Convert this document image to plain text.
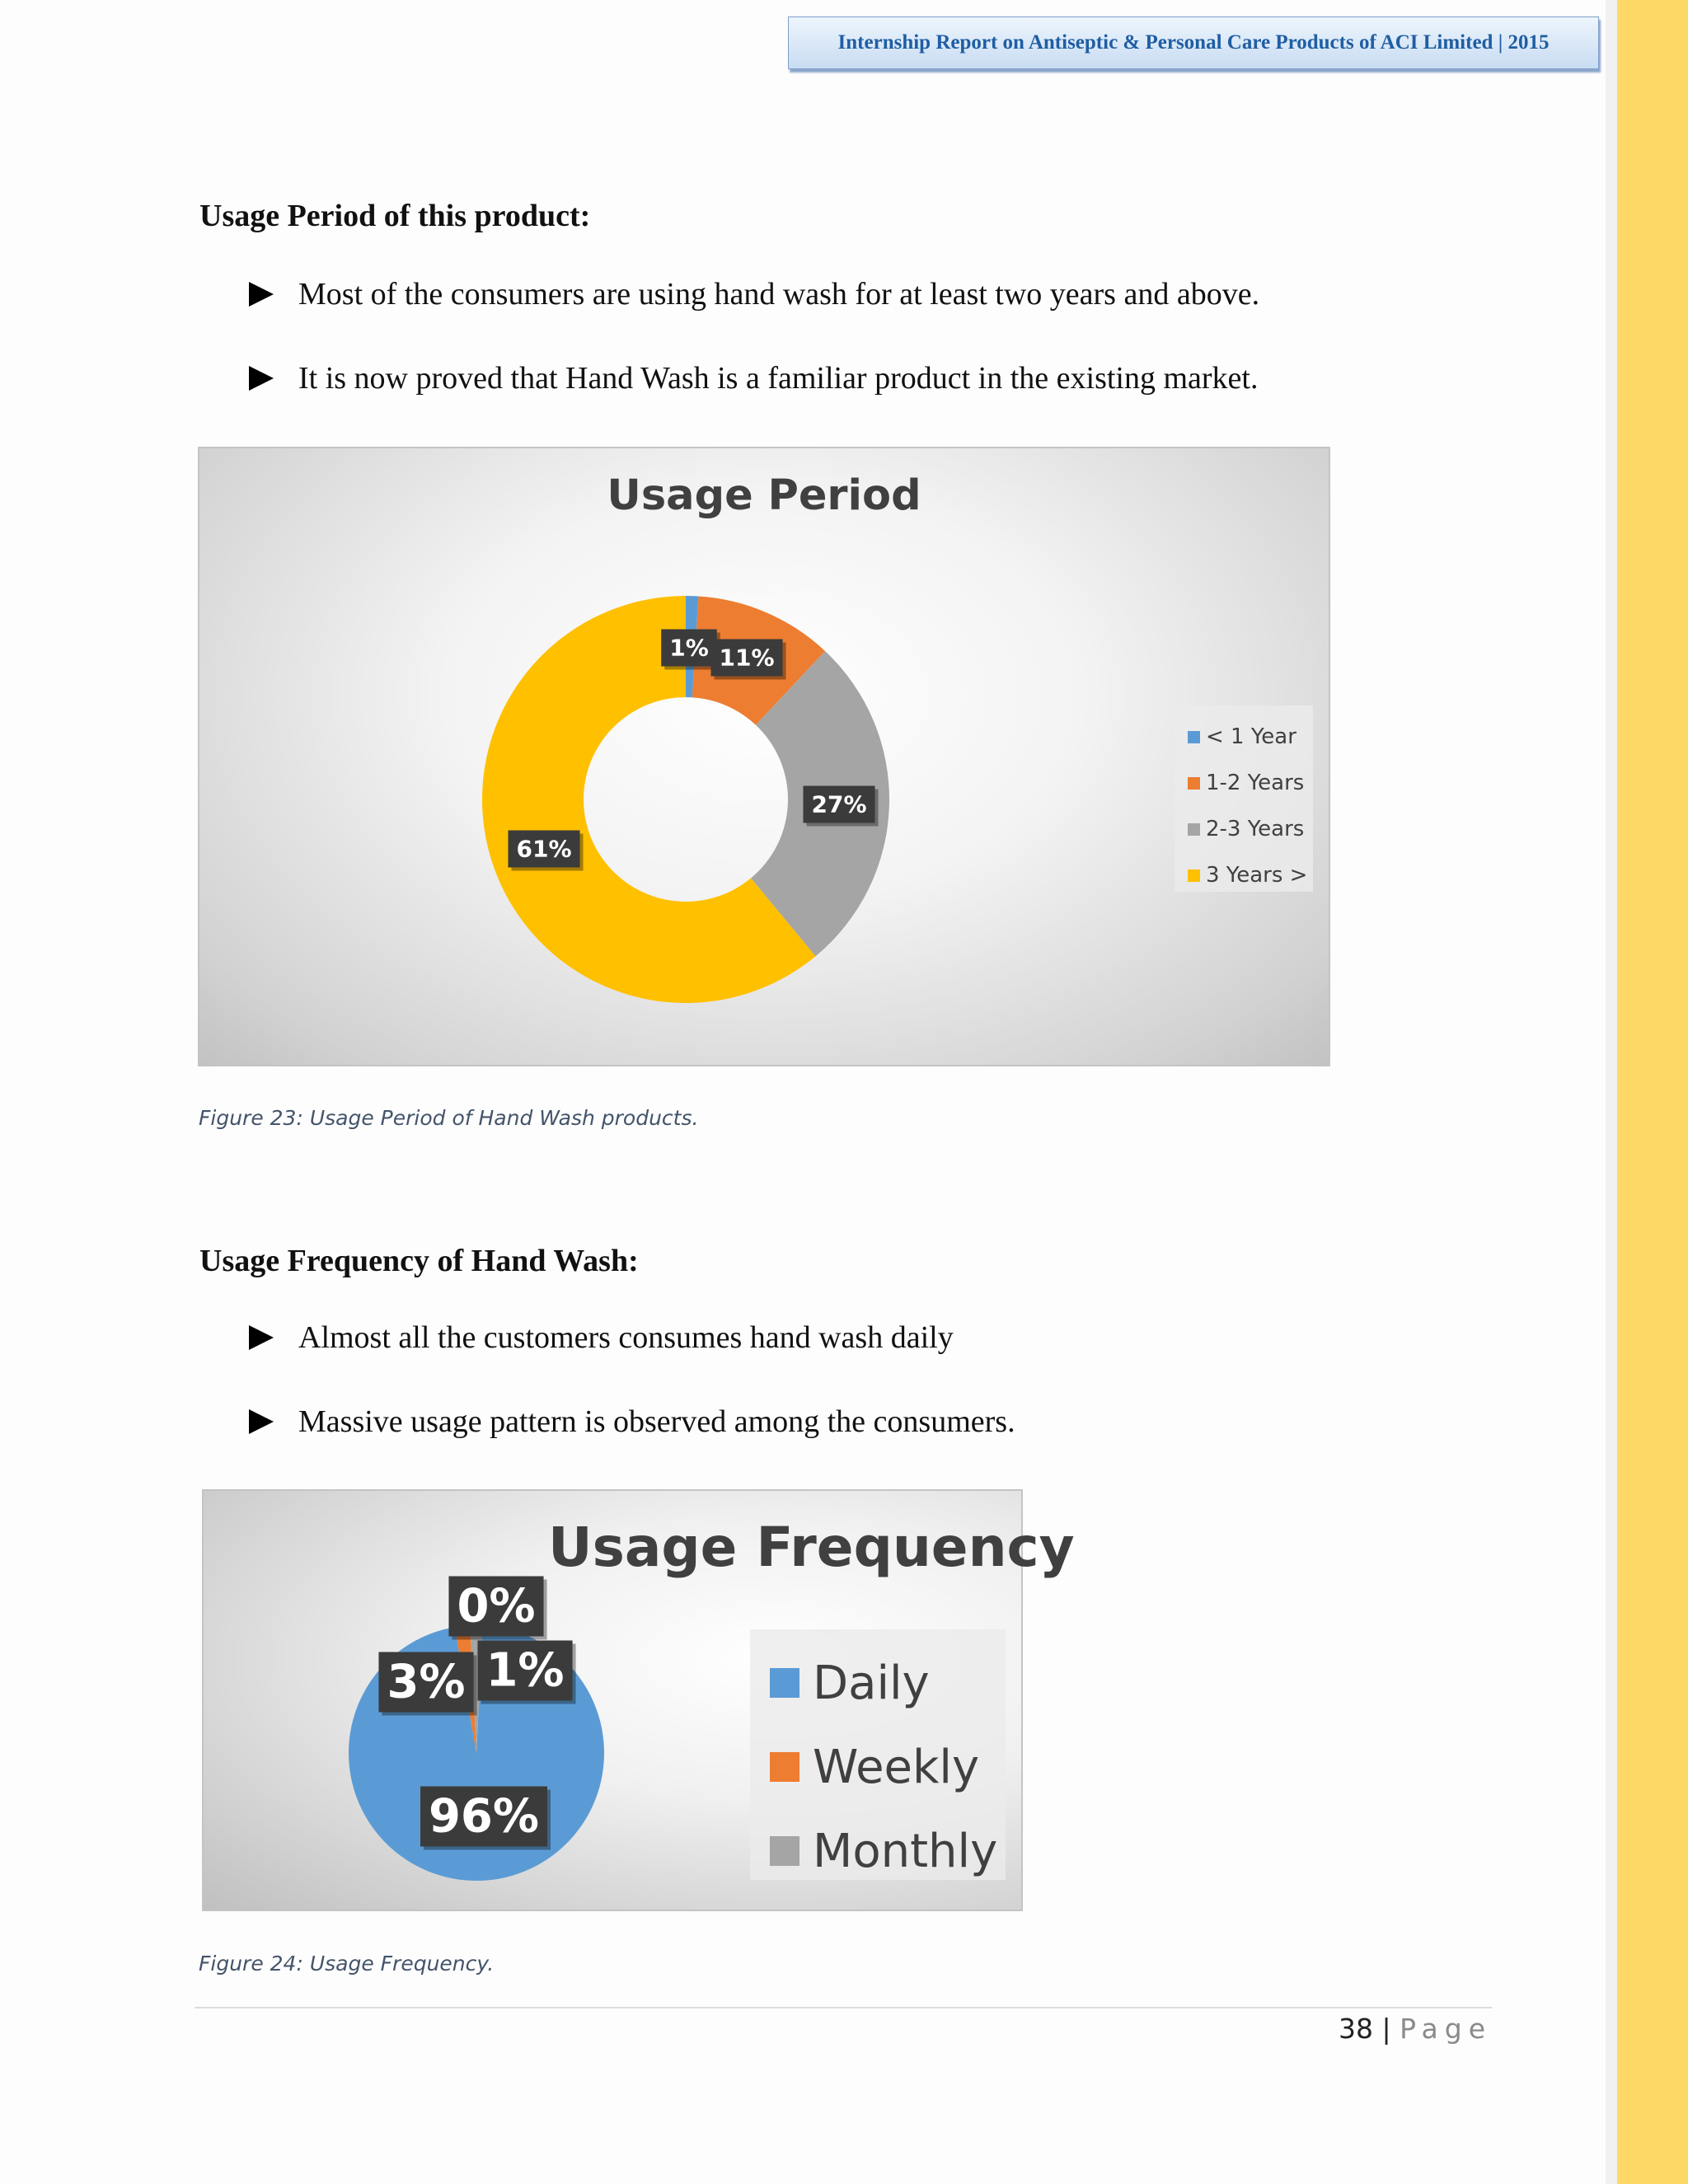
Internship Report on Antiseptic & Personal Care Products of ACI Limited | 2015
Usage Period of this product:
Most of the consumers are using hand wash for at least two years and above.
It is now proved that Hand Wash is a familiar product in the existing market.
Usage Period
1% 11%
27%
61%
< 1 Year
1-2 Years
2-3 Years
3 Years >
Figure 23: Usage Period of Hand Wash products.
Usage Frequency of Hand Wash:
Almost all the customers consumes hand wash daily
Massive usage pattern is observed among the consumers.
Usage Frequency
96%
3% 1%
0%
Daily
Weekly
Monthly
Figure 24: Usage Frequency.
38 | Page
